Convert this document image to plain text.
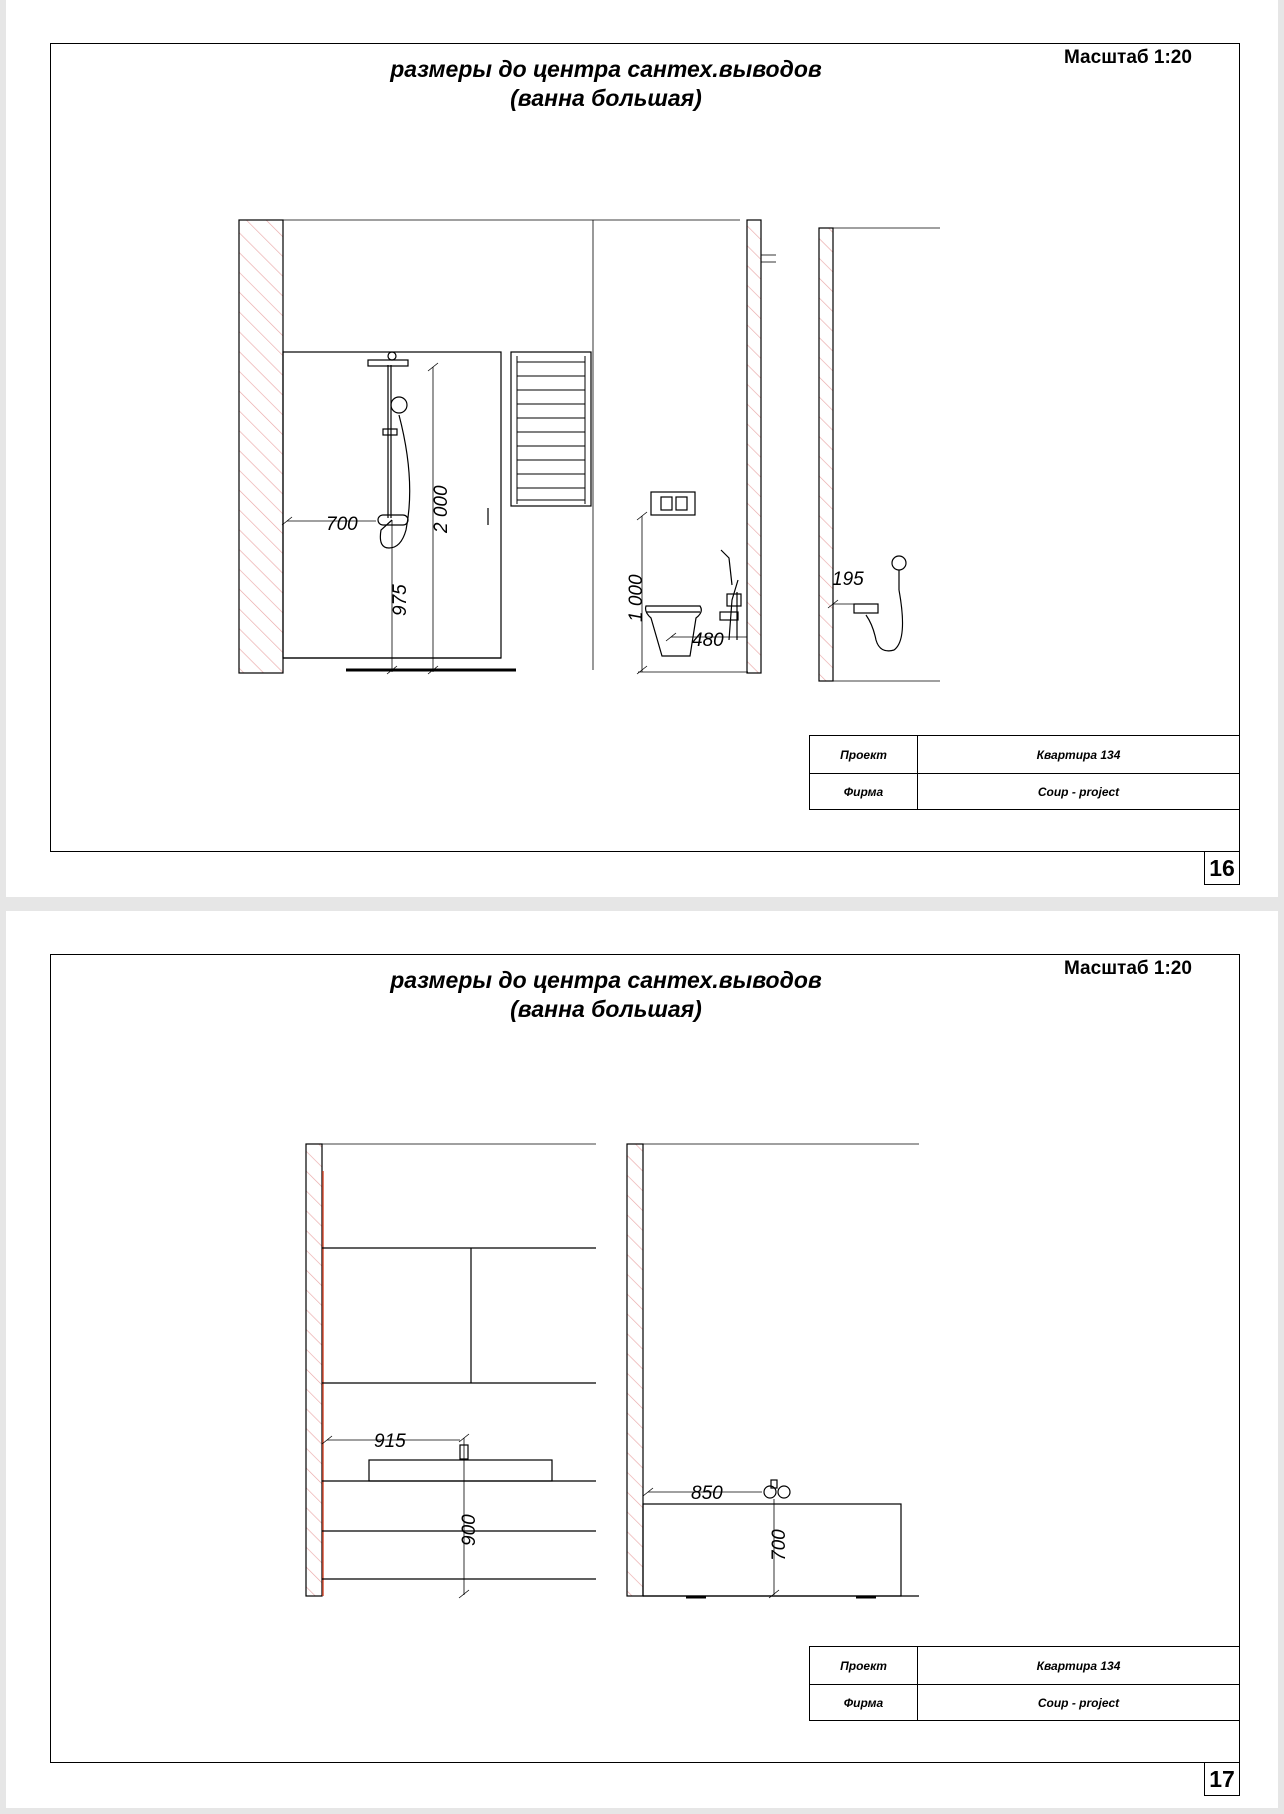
размеры до центра сантех.выводов
(ванна большая)
Масштаб 1:20
700	2 000
975	1 000
480
195
Проект	Квартира 134
Фирма	Coup - project
16
размеры до центра сантех.выводов
(ванна большая)
Масштаб 1:20
915
900
850
700
Проект	Квартира 134
Фирма	Coup - project
17
